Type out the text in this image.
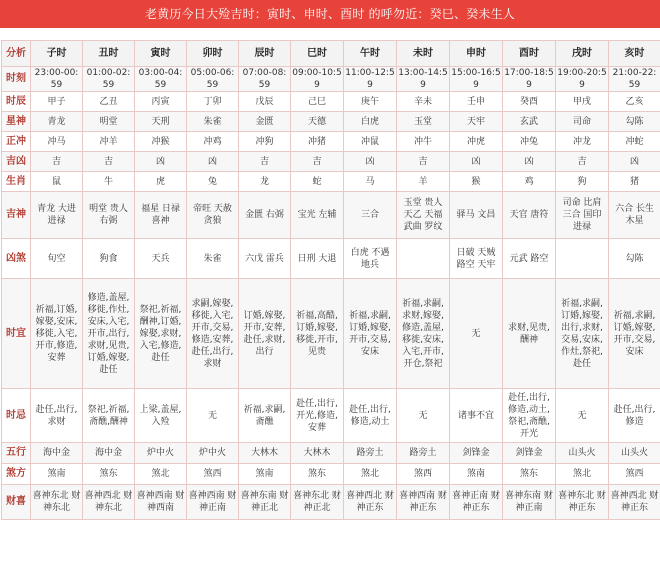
老黄历今日大殓吉时：寅时、申时、酉时 的呼勿近：癸巳、癸未生人
分析	子时	丑时	寅时	卯时	辰时	巳时	午时	未时	申时	酉时	戌时	亥时
时刻	23:00-00:59	01:00-02:59	03:00-04:59	05:00-06:59	07:00-08:59	09:00-10:59	11:00-12:59	13:00-14:59	15:00-16:59	17:00-18:59	19:00-20:59	21:00-22:59
时辰	甲子	乙丑	丙寅	丁卯	戊辰	己巳	庚午	辛未	壬申	癸酉	甲戌	乙亥
星神	青龙	明堂	天刑	朱雀	金匮	天德	白虎	玉堂	天牢	玄武	司命	勾陈
正冲	冲马	冲羊	冲猴	冲鸡	冲狗	冲猪	冲鼠	冲牛	冲虎	冲兔	冲龙	冲蛇
吉凶	吉	吉	凶	凶	吉	吉	凶	吉	凶	凶	吉	凶
生肖	鼠	牛	虎	兔	龙	蛇	马	羊	猴	鸡	狗	猪
吉神	青龙 大进 进禄	明堂 贵人 右弼	福星 日禄 喜神	帝旺 天赦 贪狼	金匮 右弼	宝光 左辅	三合	玉堂 贵人 天乙 天福 武曲 罗纹	驿马 文昌	天官 唐符	司命 比肩 三合 国印 进禄	六合 长生 木星
凶煞	旬空	狗食	天兵	朱雀	六戊 雷兵	日刑 大退	白虎 不遇 地兵		日破 天贼 路空 天牢	元武 路空		勾陈
时宜	祈福,订婚,嫁娶,安床,移徙,入宅,开市,修造,安葬	修造,盖屋,移徙,作灶,安床,入宅,开市,出行,求财,见贵,订婚,嫁娶,赴任	祭祀,祈福,酬神,订婚,嫁娶,求财,入宅,修造,赴任	求嗣,嫁娶,移徙,入宅,开市,交易,修造,安葬,赴任,出行,求财	订婚,嫁娶,开市,安葬,赴任,求财,出行	祈福,高酷,订婚,嫁娶,移徙,开市,见贵	祈福,求嗣,订婚,嫁娶,开市,交易,安床	祈福,求嗣,求财,嫁娶,修造,盖屋,移徙,安床,入宅,开市,开仓,祭祀	无	求财,见贵,酬神	祈福,求嗣,订婚,嫁娶,出行,求财,交易,安床,作灶,祭祀,赴任	祈福,求嗣,订婚,嫁娶,开市,交易,安床
时忌	赴任,出行,求财	祭祀,祈福,斋醮,酬神	上梁,盖屋,入殓	无	祈福,求嗣,斋醮	赴任,出行,开光,修造,安葬	赴任,出行,修造,动土	无	诸事不宜	赴任,出行,修造,动土,祭祀,斋醮,开光	无	赴任,出行,修造
五行	海中金	海中金	炉中火	炉中火	大林木	大林木	路旁土	路旁土	剑锋金	剑锋金	山头火	山头火
煞方	煞南	煞东	煞北	煞西	煞南	煞东	煞北	煞西	煞南	煞东	煞北	煞西
财喜	喜神东北 财神东北	喜神西北 财神东北	喜神西南 财神西南	喜神西南 财神正南	喜神东南 财神正北	喜神东北 财神正北	喜神西北 财神正东	喜神西南 财神正东	喜神正南 财神正东	喜神东南 财神正南	喜神东北 财神正东	喜神西北 财神正东
